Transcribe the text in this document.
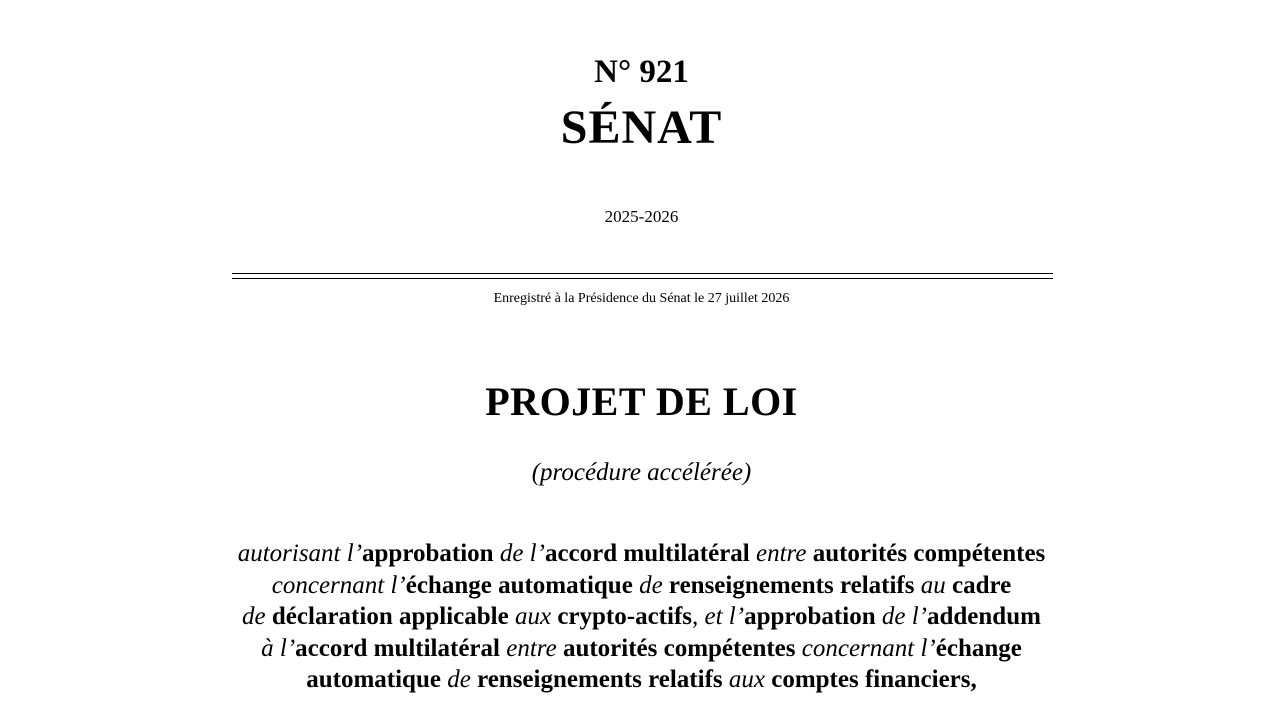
N° 921
SÉNAT
2025-2026
Enregistré à la Présidence du Sénat le 27 juillet 2026
PROJET DE LOI
(procédure accélérée)
autorisant l’approbation de l’accord multilatéral entre autorités compétentes
concernant l’échange automatique de renseignements relatifs au cadre
de déclaration applicable aux crypto-actifs, et l’approbation de l’addendum
à l’accord multilatéral entre autorités compétentes concernant l’échange
automatique de renseignements relatifs aux comptes financiers,
